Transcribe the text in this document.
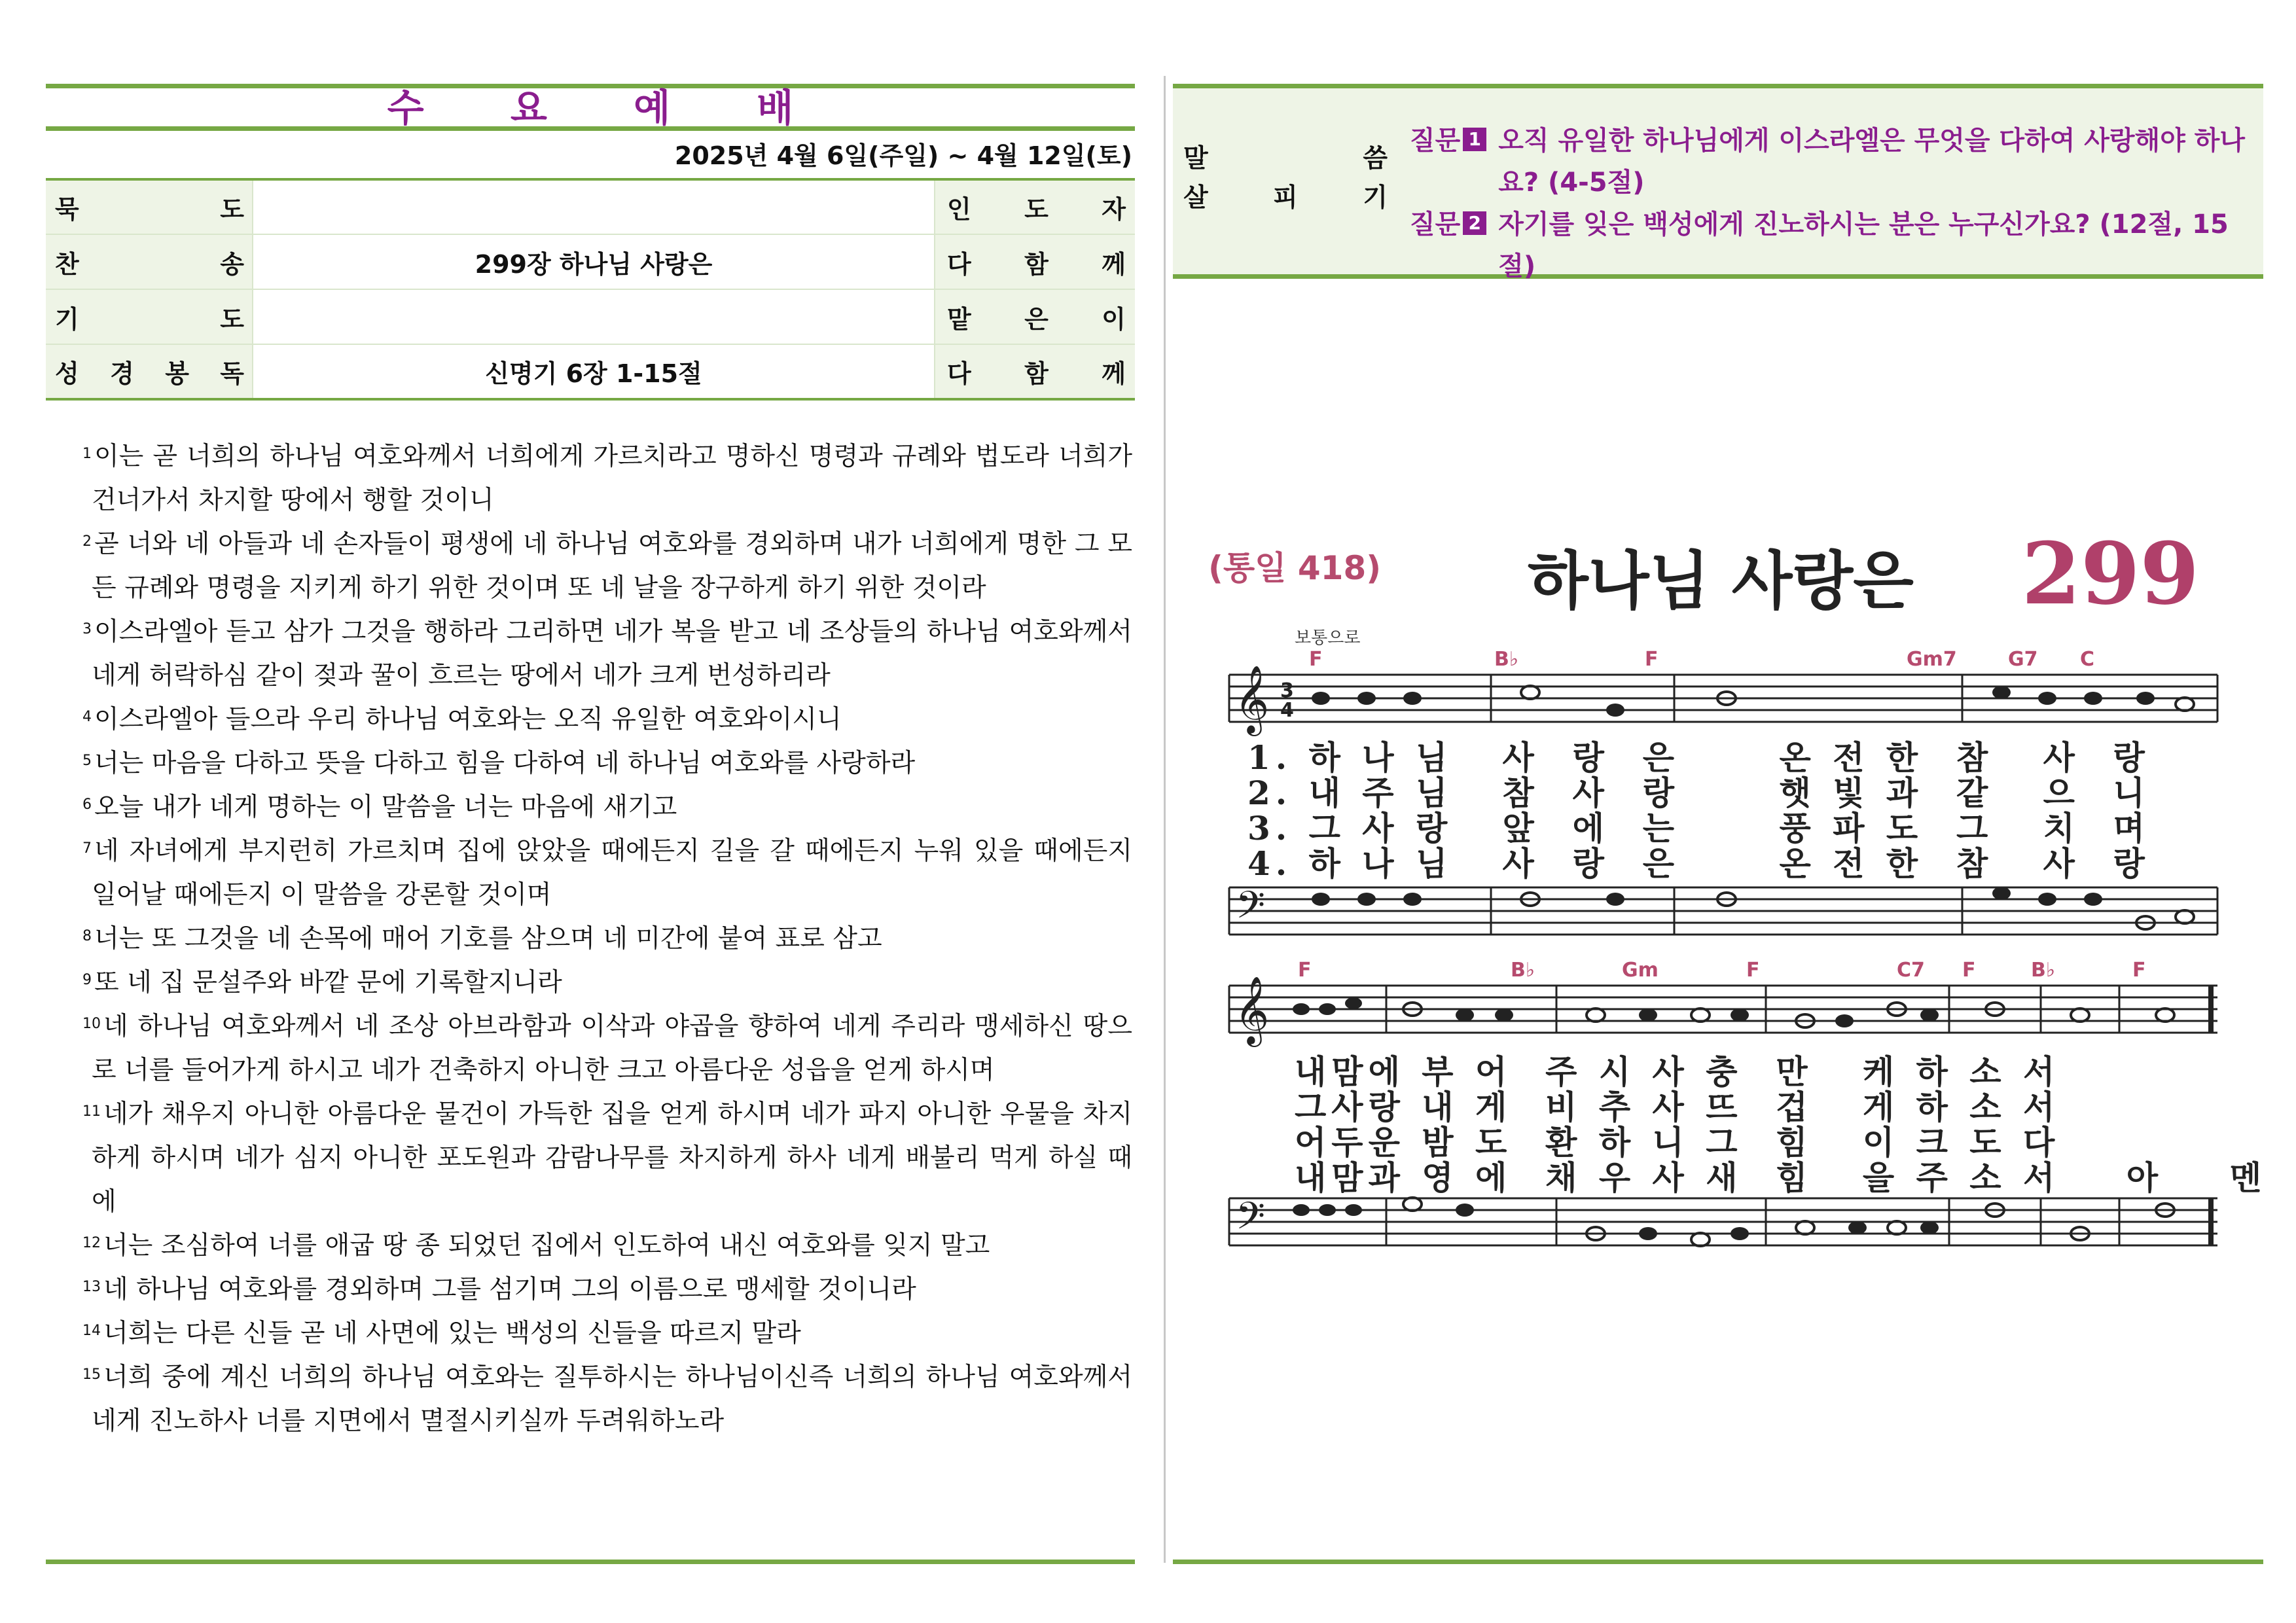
수 요 예 배
2025년 4월 6일(주일) ~ 4월 12일(토)
묵 도		인 도 자

찬 송	299장 하나님 사랑은	다 함 께

기 도		맡 은 이

성 경 봉 독	신명기 6장 1-15절	다 함 께

$^1$ 이는 곧 너희의 하나님 여호와께서 너희에게 가르치라고 명하신 명령과 규례와 법도라 너희가 건너가서 차지할 땅에서 행할 것이니

$^2$ 곧 너와 네 아들과 네 손자들이 평생에 네 하나님 여호와를 경외하며 내가 너희에게 명한 그 모든 규례와 명령을 지키게 하기 위한 것이며 또 네 날을 장구하게 하기 위한 것이라

$^3$ 이스라엘아 듣고 삼가 그것을 행하라 그리하면 네가 복을 받고 네 조상들의 하나님 여호와께서 네게 허락하심 같이 젖과 꿀이 흐르는 땅에서 네가 크게 번성하리라

$^4$ 이스라엘아 들으라 우리 하나님 여호와는 오직 유일한 여호와이시니

$^5$ 너는 마음을 다하고 뜻을 다하고 힘을 다하여 네 하나님 여호와를 사랑하라

$^6$ 오늘 내가 네게 명하는 이 말씀을 너는 마음에 새기고

$^7$ 네 자녀에게 부지런히 가르치며 집에 앉았을 때에든지 길을 갈 때에든지 누워 있을 때에든지 일어날 때에든지 이 말씀을 강론할 것이며

$^8$ 너는 또 그것을 네 손목에 매어 기호를 삼으며 네 미간에 붙여 표로 삼고

$^9$ 또 네 집 문설주와 바깥 문에 기록할지니라

$^{10}$ 네 하나님 여호와께서 네 조상 아브라함과 이삭과 야곱을 향하여 네게 주리라 맹세하신 땅으로 너를 들어가게 하시고 네가 건축하지 아니한 크고 아름다운 성읍을 얻게 하시며

$^{11}$ 네가 채우지 아니한 아름다운 물건이 가득한 집을 얻게 하시며 네가 파지 아니한 우물을 차지하게 하시며 네가 심지 아니한 포도원과 감람나무를 차지하게 하사 네게 배불리 먹게 하실 때에

$^{12}$ 너는 조심하여 너를 애굽 땅 종 되었던 집에서 인도하여 내신 여호와를 잊지 말고

$^{13}$ 네 하나님 여호와를 경외하며 그를 섬기며 그의 이름으로 맹세할 것이니라

$^{14}$ 너희는 다른 신들 곧 네 사면에 있는 백성의 신들을 따르지 말라

$^{15}$ 너희 중에 계신 너희의 하나님 여호와는 질투하시는 하나님이신즉 너희의 하나님 여호와께서 네게 진노하사 너를 지면에서 멸절시키실까 두려워하노라

말	씀
살	피	기
질문 1 오직 유일한 하나님에게 이스라엘은 무엇을 다하여 사랑해야 하나요? (4-5절)
질문 2 자기를 잊은 백성에게 진노하시는 분은 누구신가요? (12절, 15절)
(통일 418)	하나님 사랑은	299
보통으로
𝄞 3
4
F	B♭	F	Gm7	G7 C
1. 하 나 님   사  랑  은      온 전 한  참   사  랑
2. 내 주 님   참  사  랑      햇 빛 과  같   으  니
3. 그 사 랑   앞  에  는      풍 파 도  그   치  며
4. 하 나 님   사  랑  은      온 전 한  참   사  랑
𝄢
𝄞
F	B♭	Gm	F	C7 F	B♭	F
내맘에 부 어  주 시 사 충  만   케 하 소 서
그사랑 내 게  비 추 사 뜨  겁   게 하 소 서
어두운 밤 도  환 하 니 그  힘   이 크 도 다
내맘과 영 에  채 우 사 새  힘   을 주 소 서    아    멘
𝄢
